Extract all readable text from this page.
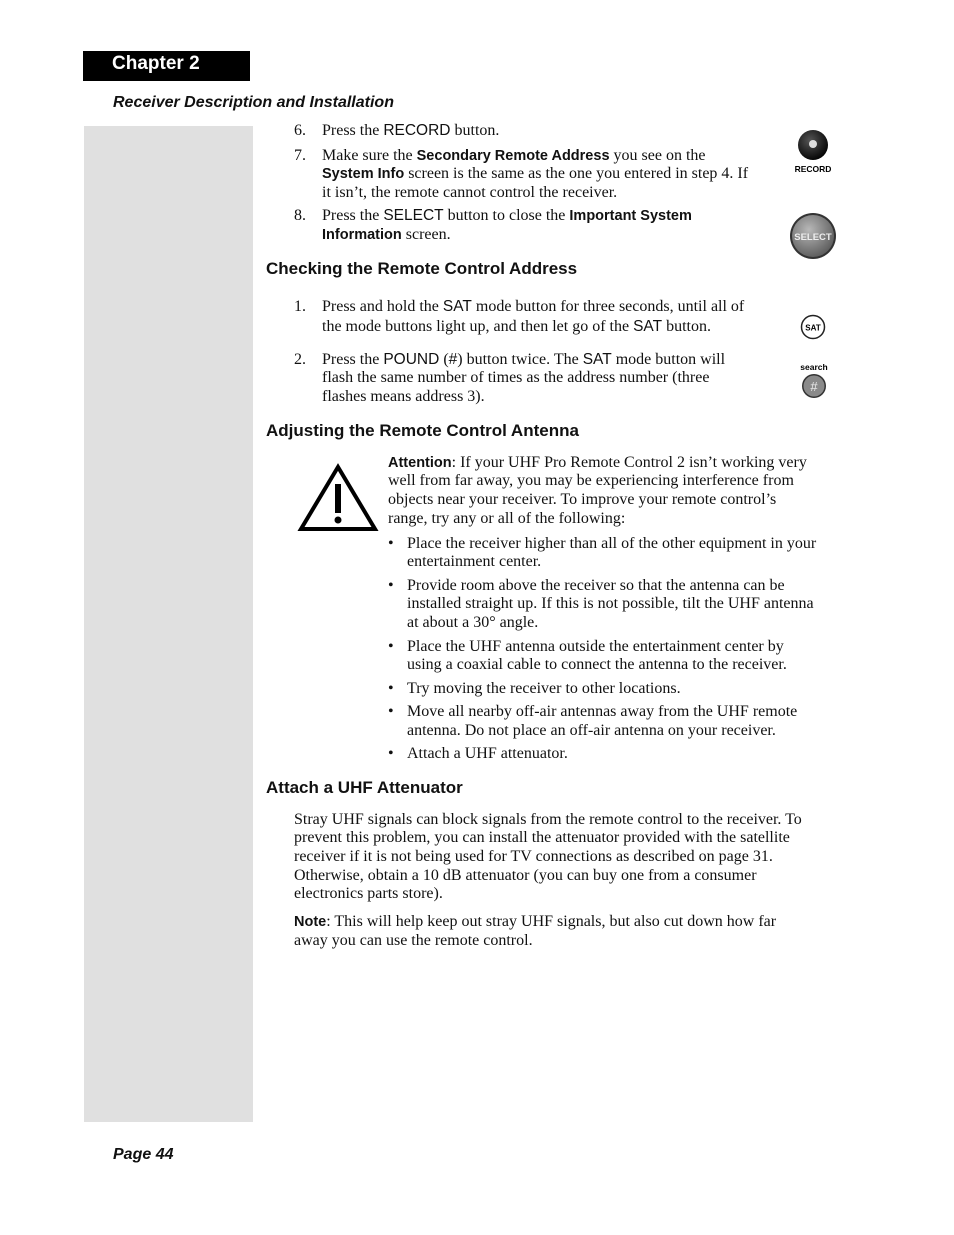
Chapter 2
Receiver Description and Installation
6. Press the RECORD button.

7. Make sure the Secondary Remote Address you see on the

System Info screen is the same as the one you entered in step 4. If

it isn’t, the remote cannot control the receiver.

8. Press the SELECT button to close the Important System

Information screen.

RECORD
SELECT
Checking the Remote Control Address
1. Press and hold the SAT mode button for three seconds, until all of

the mode buttons light up, and then let go of the SAT button.

2. Press the POUND (#) button twice. The SAT mode button will

flash the same number of times as the address number (three

flashes means address 3).

SAT
search
#
Adjusting the Remote Control Antenna

Attention: If your UHF Pro Remote Control 2 isn’t working very

well from far away, you may be experiencing interference from

objects near your receiver. To improve your remote control’s

range, try any or all of the following:

• Place the receiver higher than all of the other equipment in your

entertainment center.

• Provide room above the receiver so that the antenna can be

installed straight up. If this is not possible, tilt the UHF antenna

at about a 30° angle.

• Place the UHF antenna outside the entertainment center by

using a coaxial cable to connect the antenna to the receiver.

• Try moving the receiver to other locations.

• Move all nearby off-air antennas away from the UHF remote

antenna. Do not place an off-air antenna on your receiver.

• Attach a UHF attenuator.

Attach a UHF Attenuator

Stray UHF signals can block signals from the remote control to the receiver. To

prevent this problem, you can install the attenuator provided with the satellite

receiver if it is not being used for TV connections as described on page 31.

Otherwise, obtain a 10 dB attenuator (you can buy one from a consumer

electronics parts store).

Note: This will help keep out stray UHF signals, but also cut down how far

away you can use the remote control.

Page 44
